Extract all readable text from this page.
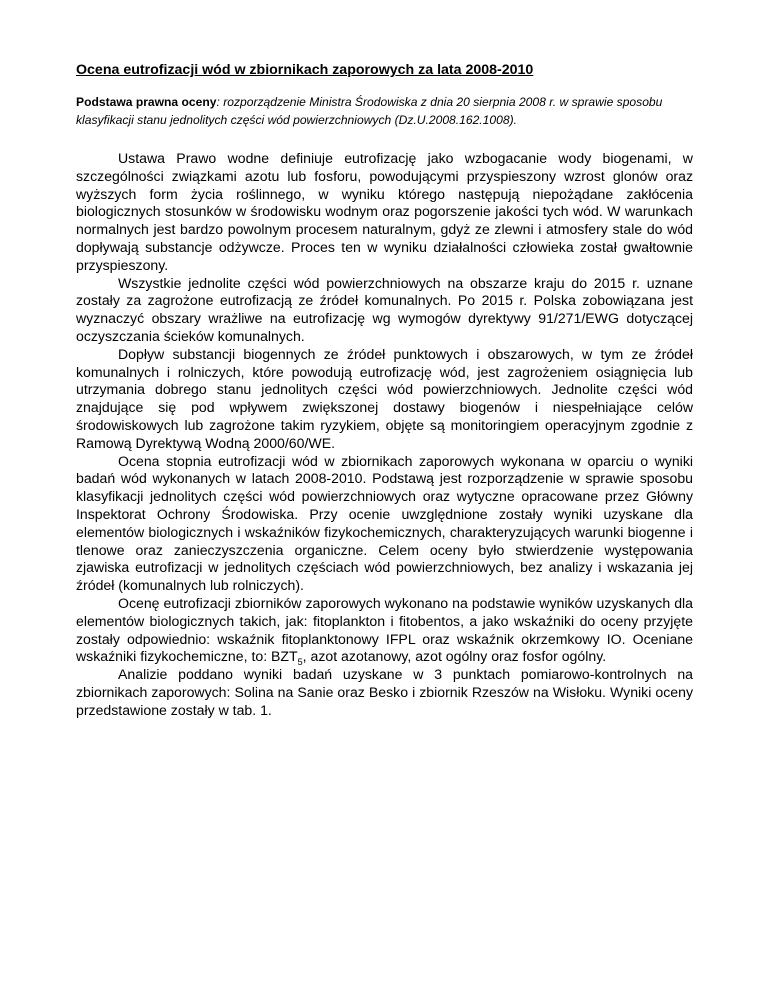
Ocena eutrofizacji wód w zbiornikach zaporowych za lata 2008-2010

Podstawa prawna oceny: rozporządzenie Ministra Środowiska z dnia 20 sierpnia 2008 r. w sprawie sposobu klasyfikacji stanu jednolitych części wód powierzchniowych (Dz.U.2008.162.1008).

Ustawa Prawo wodne definiuje eutrofizację jako wzbogacanie wody biogenami, w szczególności związkami azotu lub fosforu, powodującymi przyspieszony wzrost glonów oraz wyższych form życia roślinnego, w wyniku którego następują niepożądane zakłócenia biologicznych stosunków w środowisku wodnym oraz pogorszenie jakości tych wód. W warunkach normalnych jest bardzo powolnym procesem naturalnym, gdyż ze zlewni i atmosfery stale do wód dopływają substancje odżywcze. Proces ten w wyniku działalności człowieka został gwałtownie przyspieszony.

Wszystkie jednolite części wód powierzchniowych na obszarze kraju do 2015 r. uznane zostały za zagrożone eutrofizacją ze źródeł komunalnych. Po 2015 r. Polska zobowiązana jest wyznaczyć obszary wrażliwe na eutrofizację wg wymogów dyrektywy 91/271/EWG dotyczącej oczyszczania ścieków komunalnych.

Dopływ substancji biogennych ze źródeł punktowych i obszarowych, w tym ze źródeł komunalnych i rolniczych, które powodują eutrofizację wód, jest zagrożeniem osiągnięcia lub utrzymania dobrego stanu jednolitych części wód powierzchniowych. Jednolite części wód znajdujące się pod wpływem zwiększonej dostawy biogenów i niespełniające celów środowiskowych lub zagrożone takim ryzykiem, objęte są monitoringiem operacyjnym zgodnie z Ramową Dyrektywą Wodną 2000/60/WE.

Ocena stopnia eutrofizacji wód w zbiornikach zaporowych wykonana w oparciu o wyniki badań wód wykonanych w latach 2008-2010. Podstawą jest rozporządzenie w sprawie sposobu klasyfikacji jednolitych części wód powierzchniowych oraz wytyczne opracowane przez Główny Inspektorat Ochrony Środowiska. Przy ocenie uwzględnione zostały wyniki uzyskane dla elementów biologicznych i wskaźników fizykochemicznych, charakteryzujących warunki biogenne i tlenowe oraz zanieczyszczenia organiczne. Celem oceny było stwierdzenie występowania zjawiska eutrofizacji w jednolitych częściach wód powierzchniowych, bez analizy i wskazania jej źródeł (komunalnych lub rolniczych).

Ocenę eutrofizacji zbiorników zaporowych wykonano na podstawie wyników uzyskanych dla elementów biologicznych takich, jak: fitoplankton i fitobentos, a jako wskaźniki do oceny przyjęte zostały odpowiednio: wskaźnik fitoplanktonowy IFPL oraz wskaźnik okrzemkowy IO. Oceniane wskaźniki fizykochemiczne, to: $BZT_5$, azot azotanowy, azot ogólny oraz fosfor ogólny.

Analizie poddano wyniki badań uzyskane w 3 punktach pomiarowo-kontrolnych na zbiornikach zaporowych: Solina na Sanie oraz Besko i zbiornik Rzeszów na Wisłoku. Wyniki oceny przedstawione zostały w tab. 1.
